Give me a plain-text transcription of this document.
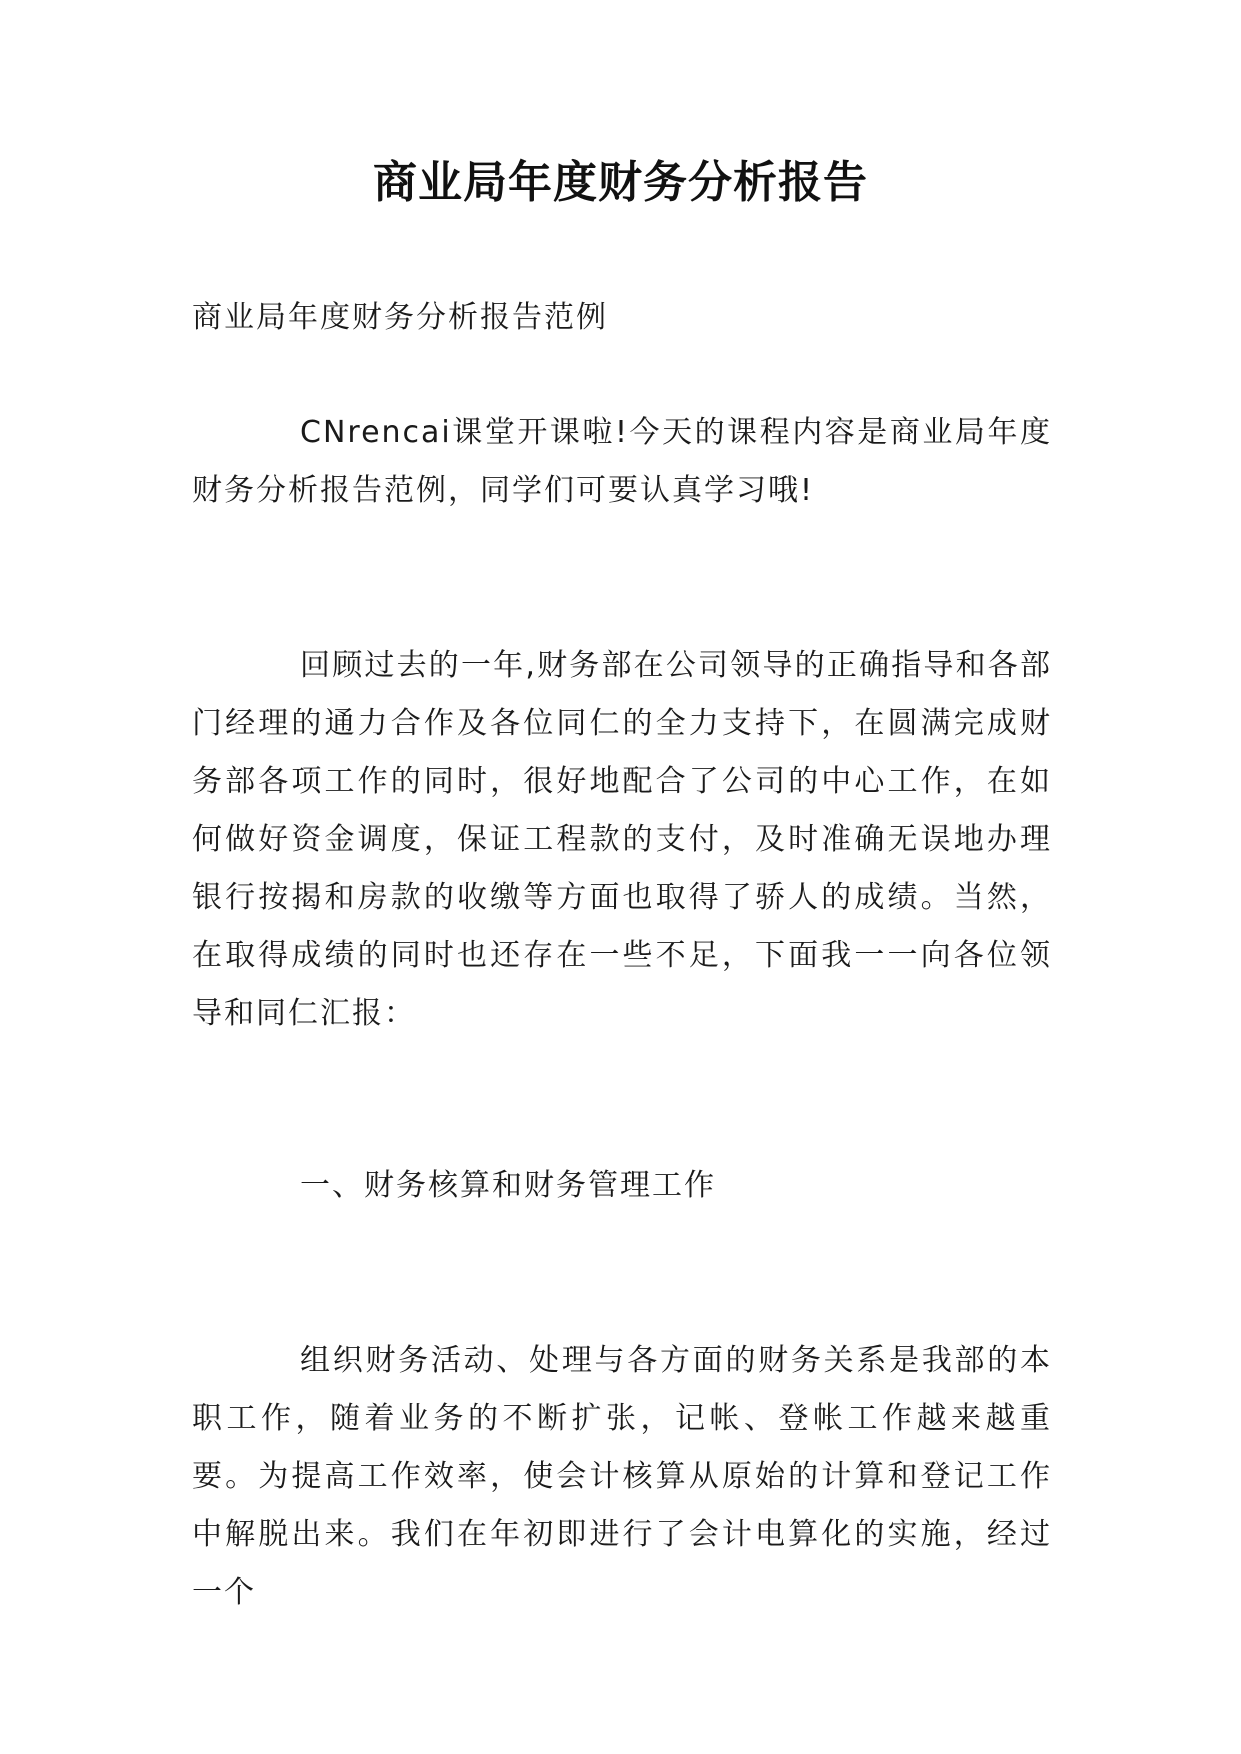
商业局年度财务分析报告
商业局年度财务分析报告范例
CNrencai课堂开课啦!今天的课程内容是商业局年度财务分析报告范例，同学们可要认真学习哦!
回顾过去的一年,财务部在公司领导的正确指导和各部门经理的通力合作及各位同仁的全力支持下，在圆满完成财务部各项工作的同时，很好地配合了公司的中心工作，在如何做好资金调度，保证工程款的支付，及时准确无误地办理银行按揭和房款的收缴等方面也取得了骄人的成绩。当然，在取得成绩的同时也还存在一些不足，下面我一一向各位领导和同仁汇报：
一、财务核算和财务管理工作
组织财务活动、处理与各方面的财务关系是我部的本职工作，随着业务的不断扩张，记帐、登帐工作越来越重要。为提高工作效率，使会计核算从原始的计算和登记工作中解脱出来。我们在年初即进行了会计电算化的实施，经过一个
